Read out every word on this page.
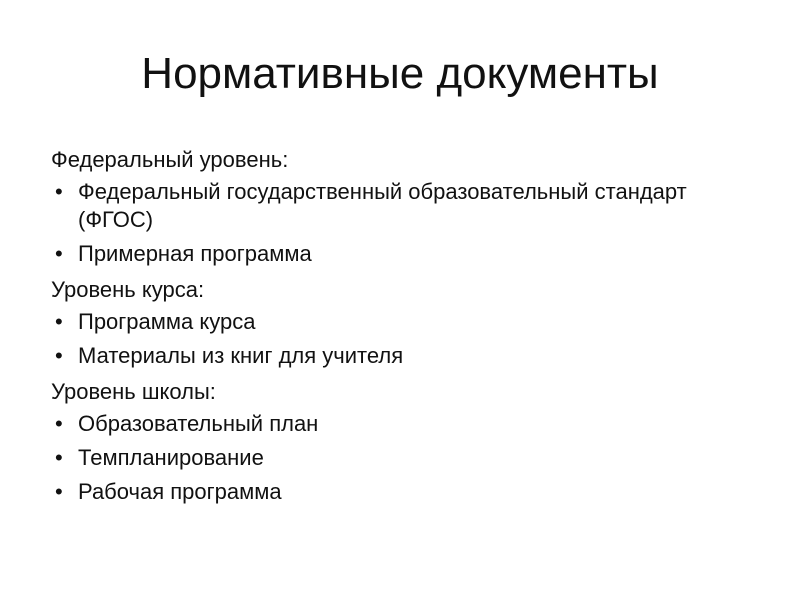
Нормативные документы
Федеральный уровень:
• Федеральный государственный образовательный стандарт (ФГОС)
• Примерная программа
Уровень курса:
• Программа курса
• Материалы из книг для учителя
Уровень школы:
• Образовательный план
• Темпланирование
• Рабочая программа
